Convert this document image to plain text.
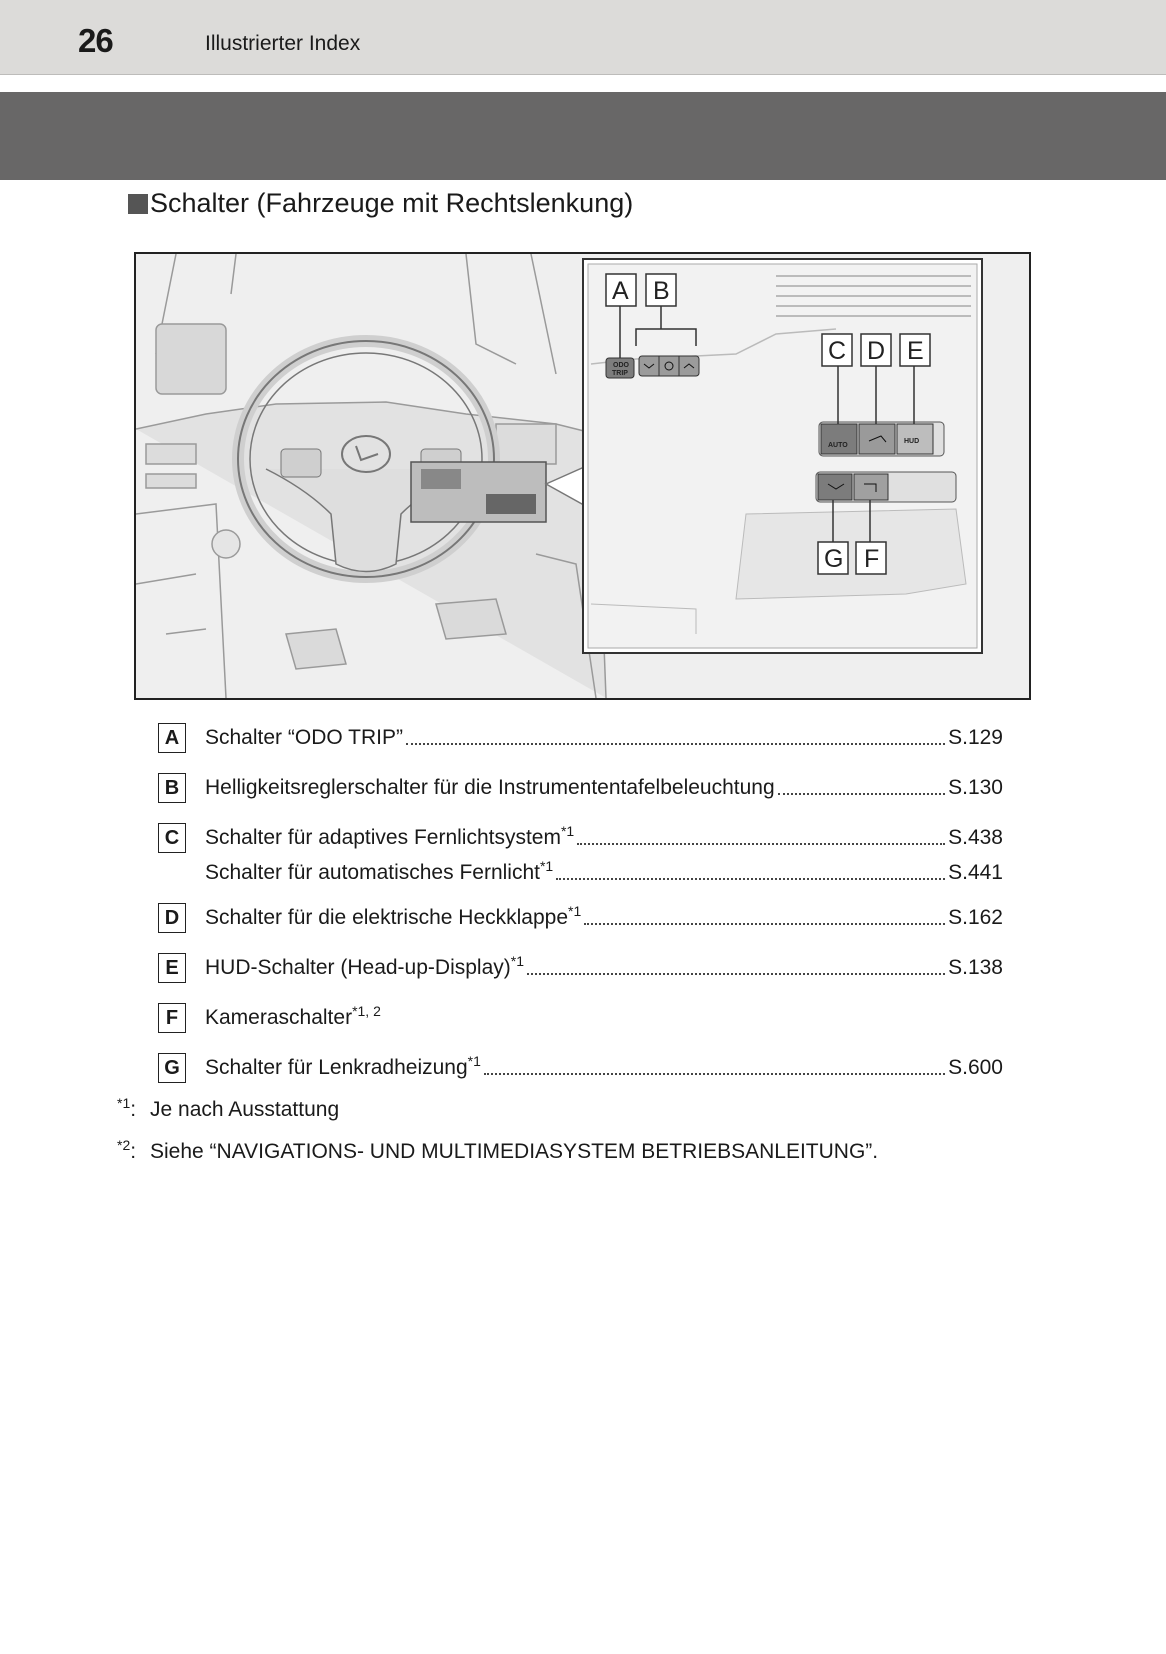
26	Illustrierter Index
Schalter (Fahrzeuge mit Rechtslenkung)
ODO
TRIP
AUTO
HUD
A B
C D E
G F
A	Schalter “ODO TRIP”	S.129
B	Helligkeitsreglerschalter für die Instrumententafelbeleuchtung	S.130
C	Schalter für adaptives Fernlichtsystem$^{*1}$	S.438
Schalter für automatisches Fernlicht$^{*1}$	S.441
D	Schalter für die elektrische Heckklappe$^{*1}$	S.162
E	HUD-Schalter (Head-up-Display)$^{*1}$	S.138
F	Kameraschalter$^{*1, 2}$
G Schalter für Lenkradheizung$^{*1}$	S.600
$^{*1}$: Je nach Ausstattung
$^{*2}$: Siehe “NAVIGATIONS- UND MULTIMEDIASYSTEM BETRIEBSANLEITUNG”.
